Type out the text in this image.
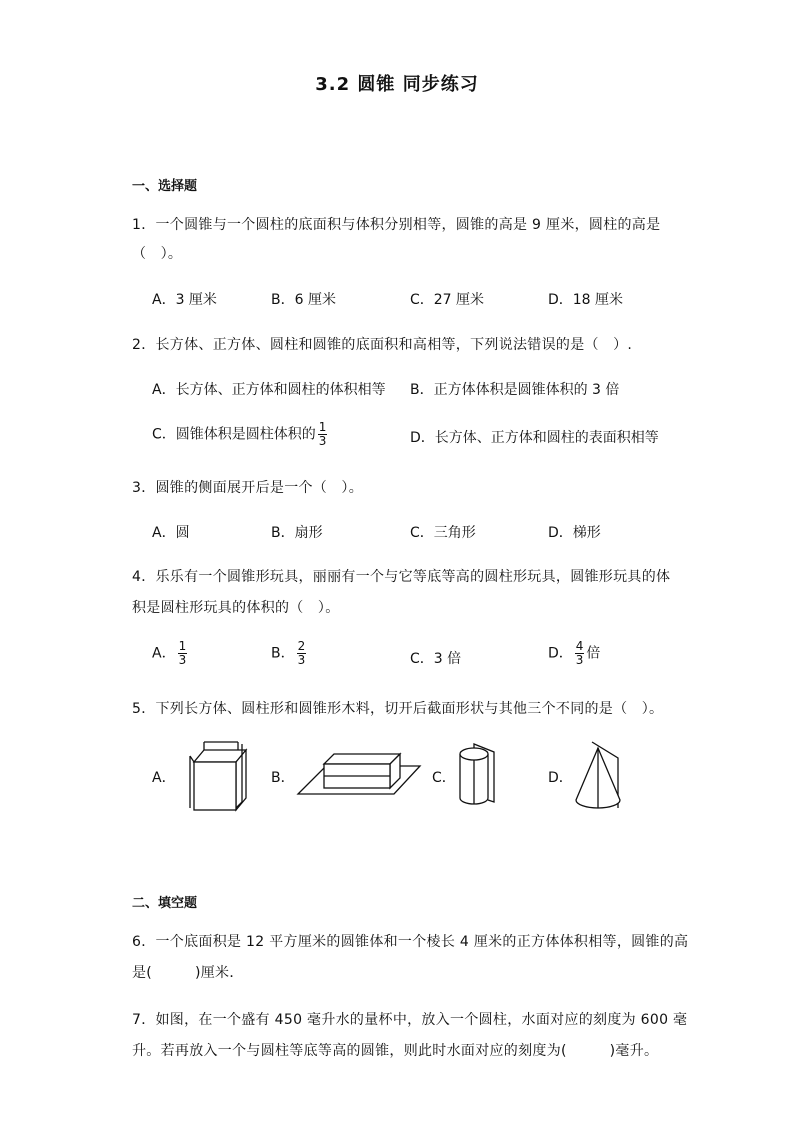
3.2 圆锥 同步练习
一、选择题
1．一个圆锥与一个圆柱的底面积与体积分别相等，圆锥的高是 9 厘米，圆柱的高是
（　）。
A．3 厘米	B．6 厘米	C．27 厘米	D．18 厘米
2．长方体、正方体、圆柱和圆锥的底面积和高相等，下列说法错误的是（　）.
A．长方体、正方体和圆柱的体积相等 B．正方体体积是圆锥体积的 3 倍
C．圆锥体积是圆柱体积的 $\frac{1}{3}$	D．长方体、正方体和圆柱的表面积相等
3．圆锥的侧面展开后是一个（　）。
A．圆	B．扇形	C．三角形	D．梯形
4．乐乐有一个圆锥形玩具，丽丽有一个与它等底等高的圆柱形玩具，圆锥形玩具的体
积是圆柱形玩具的体积的（　）。
A． $\frac{1}{3}$	B． $\frac{2}{3}$	C．3 倍	D． $\frac{4}{3}$ 倍
5．下列长方体、圆柱形和圆锥形木料，切开后截面形状与其他三个不同的是（　）。
A．	B．	C．	D．
二、填空题
6．一个底面积是 12 平方厘米的圆锥体和一个棱长 4 厘米的正方体体积相等，圆锥的高
是(　　　)厘米．
7．如图，在一个盛有 450 毫升水的量杯中，放入一个圆柱，水面对应的刻度为 600 毫
升。若再放入一个与圆柱等底等高的圆锥，则此时水面对应的刻度为(　　　)毫升。
